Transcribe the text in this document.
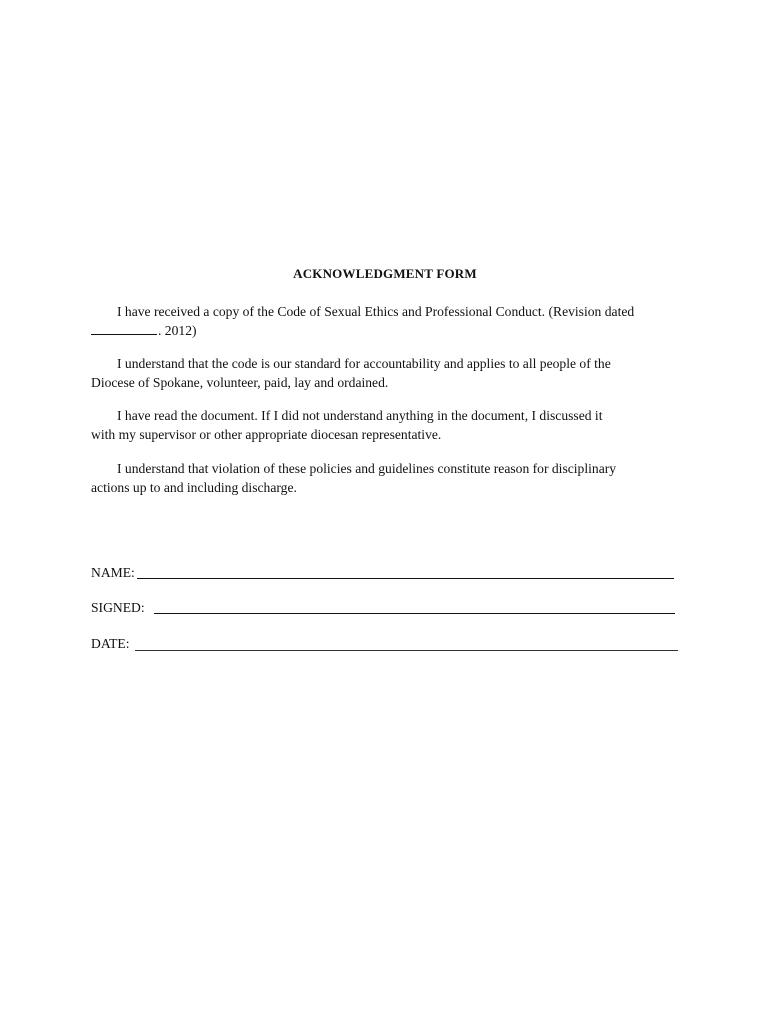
ACKNOWLEDGMENT FORM
I have received a copy of the Code of Sexual Ethics and Professional Conduct. (Revision dated
. 2012)
I understand that the code is our standard for accountability and applies to all people of the
Diocese of Spokane, volunteer, paid, lay and ordained.
I have read the document. If I did not understand anything in the document, I discussed it
with my supervisor or other appropriate diocesan representative.
I understand that violation of these policies and guidelines constitute reason for disciplinary
actions up to and including discharge.
NAME:
SIGNED:
DATE:
